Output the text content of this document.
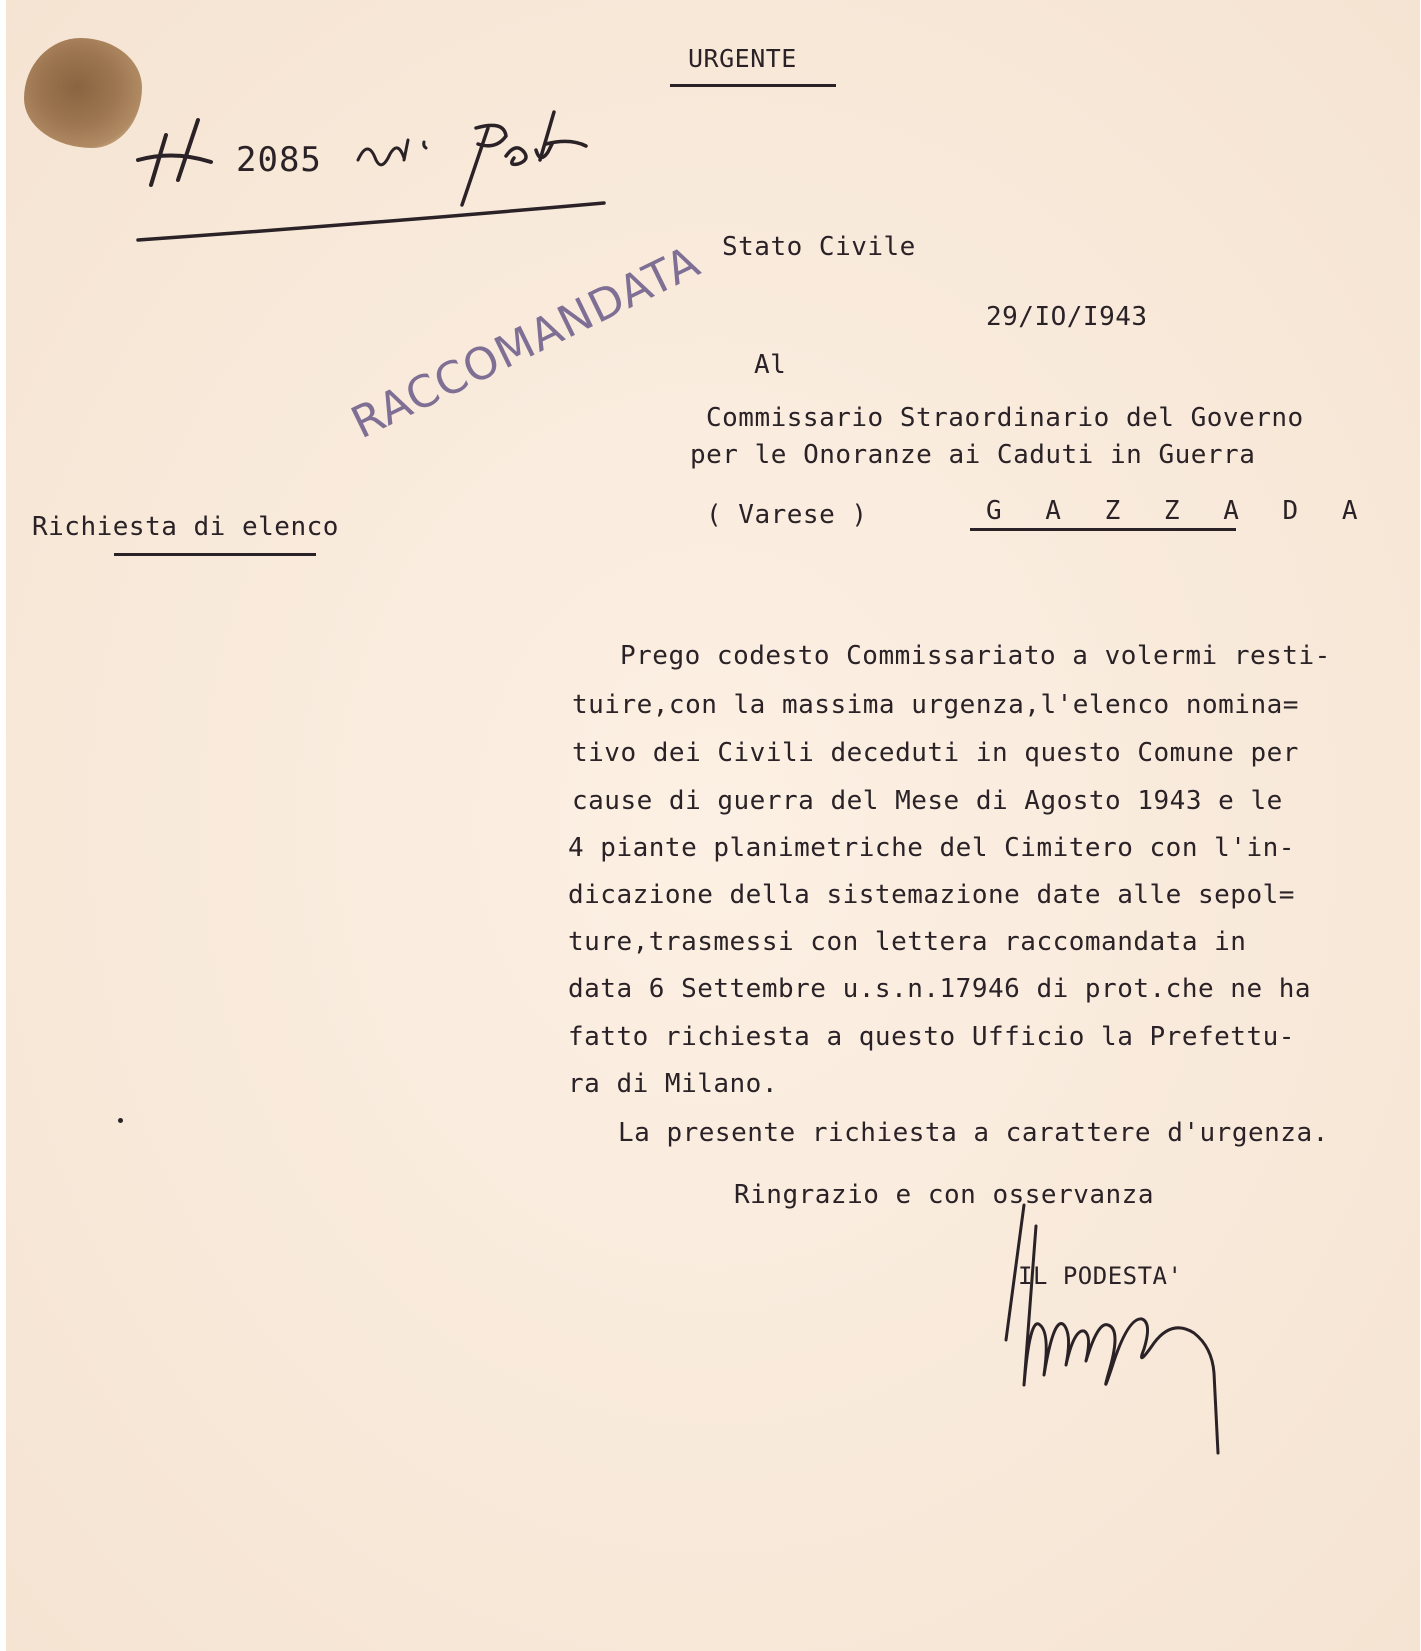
URGENTE
2085
RACCOMANDATA Stato Civile
29/IO/I943
Al
Commissario Straordinario del Governo
per le Onoranze ai Caduti in Guerra
( Varese )	G A Z Z A D A
Richiesta di elenco
Prego codesto Commissariato a volermi resti-
tuire,con la massima urgenza,l'elenco nomina=
tivo dei Civili deceduti in questo Comune per
cause di guerra del Mese di Agosto 1943 e le
4 piante planimetriche del Cimitero con l'in-
dicazione della sistemazione date alle sepol=
ture,trasmessi con lettera raccomandata in
data 6 Settembre u.s.n.17946 di prot.che ne ha
fatto richiesta a questo Ufficio la Prefettu-
ra di Milano.
La presente richiesta a carattere d'urgenza.
Ringrazio e con osservanza
IL PODESTA'
